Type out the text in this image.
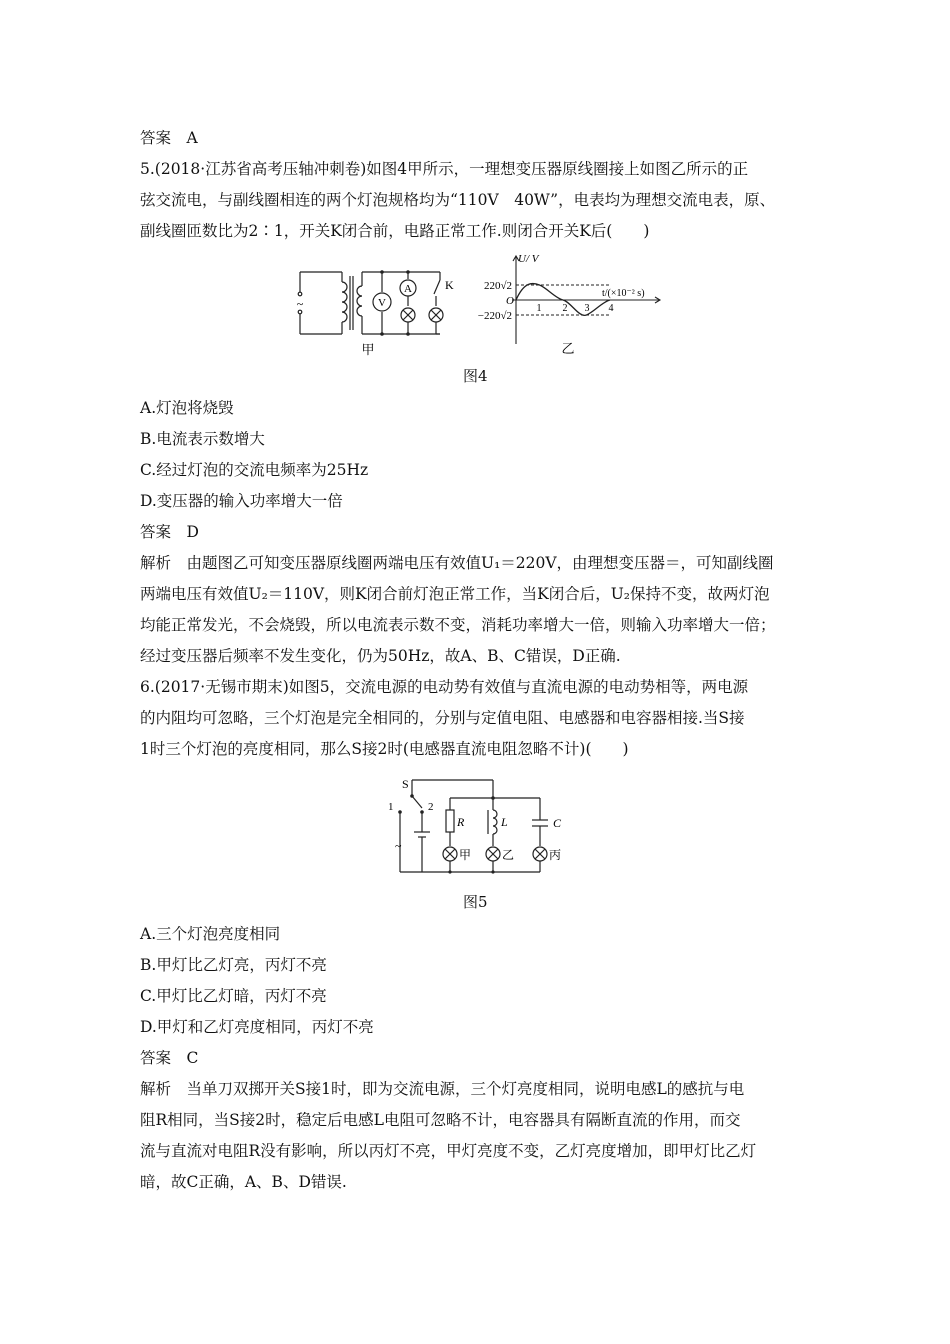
答案　A
5.(2018·江苏省高考压轴冲刺卷)如图4甲所示，一理想变压器原线圈接上如图乙所示的正
弦交流电，与副线圈相连的两个灯泡规格均为“110V　40W”，电表均为理想交流电表，原、
副线圈匝数比为2∶1，开关K闭合前，电路正常工作.则闭合开关K后(　　)
~	V
A	K
甲
U/ V
t/(×10⁻² s)
O
220√2
−220√2
1 2 3 4
乙
图4
A.灯泡将烧毁
B.电流表示数增大
C.经过灯泡的交流电频率为25Hz
D.变压器的输入功率增大一倍
答案　D
解析　由题图乙可知变压器原线圈两端电压有效值U₁＝220V，由理想变压器＝，可知副线圈
两端电压有效值U₂＝110V，则K闭合前灯泡正常工作，当K闭合后，U₂保持不变，故两灯泡
均能正常发光，不会烧毁，所以电流表示数不变，消耗功率增大一倍，则输入功率增大一倍；
经过变压器后频率不发生变化，仍为50Hz，故A、B、C错误，D正确.
6.(2017·无锡市期末)如图5，交流电源的电动势有效值与直流电源的电动势相等，两电源
的内阻均可忽略，三个灯泡是完全相同的，分别与定值电阻、电感器和电容器相接.当S接
1时三个灯泡的亮度相同，那么S接2时(电感器直流电阻忽略不计)(　　)
S
1	2
~
R	L	C
甲	乙	丙
图5
A.三个灯泡亮度相同
B.甲灯比乙灯亮，丙灯不亮
C.甲灯比乙灯暗，丙灯不亮
D.甲灯和乙灯亮度相同，丙灯不亮
答案　C
解析　当单刀双掷开关S接1时，即为交流电源，三个灯亮度相同，说明电感L的感抗与电
阻R相同，当S接2时，稳定后电感L电阻可忽略不计，电容器具有隔断直流的作用，而交
流与直流对电阻R没有影响，所以丙灯不亮，甲灯亮度不变，乙灯亮度增加，即甲灯比乙灯
暗，故C正确，A、B、D错误.
